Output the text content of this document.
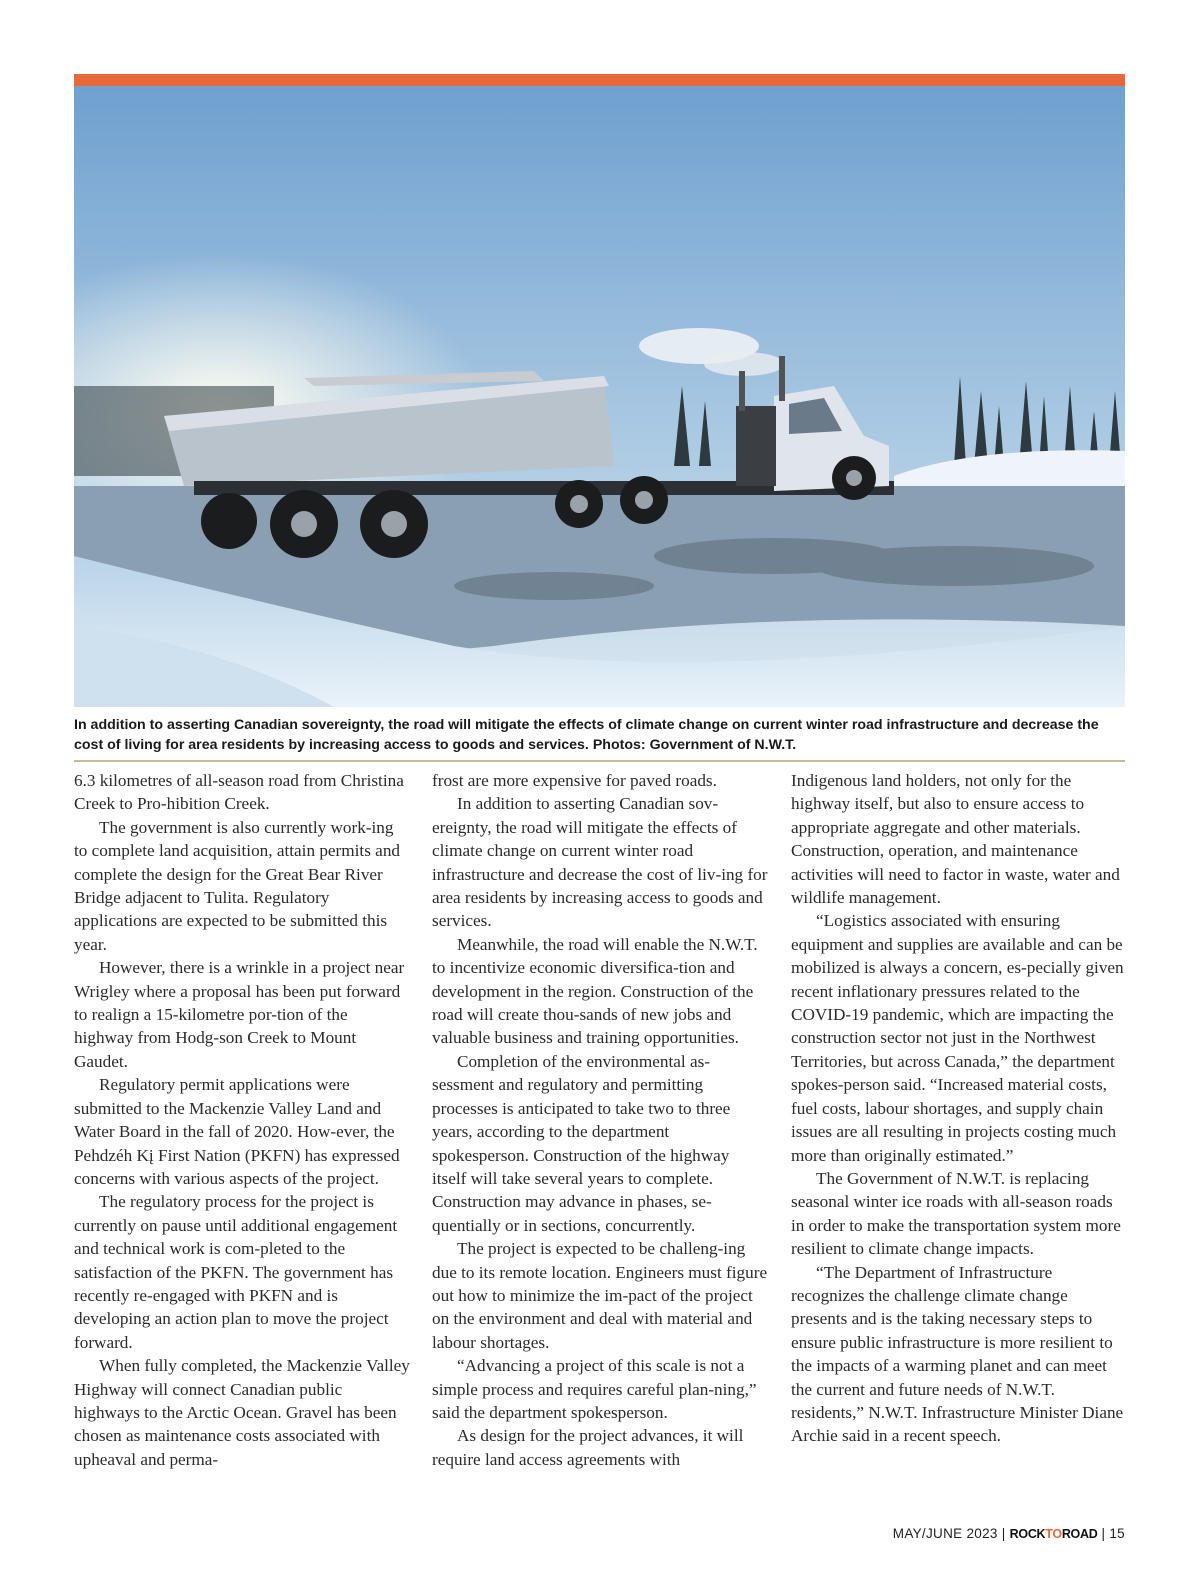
In addition to asserting Canadian sovereignty, the road will mitigate the effects of climate change on current winter road infrastructure and decrease the cost of living for area residents by increasing access to goods and services. Photos: Government of N.W.T.

6.3 kilometres of all-season road from Christina Creek to Pro-hibition Creek.

The government is also currently work-ing to complete land acquisition, attain permits and complete the design for the Great Bear River Bridge adjacent to Tulita. Regulatory applications are expected to be submitted this year.

However, there is a wrinkle in a project near Wrigley where a proposal has been put forward to realign a 15-kilometre por-tion of the highway from Hodg-son Creek to Mount Gaudet.

Regulatory permit applications were submitted to the Mackenzie Valley Land and Water Board in the fall of 2020. How-ever, the Pehdzéh Kį First Nation (PKFN) has expressed concerns with various aspects of the project.

The regulatory process for the project is currently on pause until additional engagement and technical work is com-pleted to the satisfaction of the PKFN. The government has recently re-engaged with PKFN and is developing an action plan to move the project forward.

When fully completed, the Mackenzie Valley Highway will connect Canadian public highways to the Arctic Ocean. Gravel has been chosen as maintenance costs associated with upheaval and perma-

frost are more expensive for paved roads.

In addition to asserting Canadian sov-ereignty, the road will mitigate the effects of climate change on current winter road infrastructure and decrease the cost of liv-ing for area residents by increasing access to goods and services.

Meanwhile, the road will enable the N.W.T. to incentivize economic diversifica-tion and development in the region. Construction of the road will create thou-sands of new jobs and valuable business and training opportunities.

Completion of the environmental as-sessment and regulatory and permitting processes is anticipated to take two to three years, according to the department spokesperson. Construction of the highway itself will take several years to complete. Construction may advance in phases, se-quentially or in sections, concurrently.

The project is expected to be challeng-ing due to its remote location. Engineers must figure out how to minimize the im-pact of the project on the environment and deal with material and labour shortages.

“Advancing a project of this scale is not a simple process and requires careful plan-ning,” said the department spokesperson.

As design for the project advances, it will require land access agreements with

Indigenous land holders, not only for the highway itself, but also to ensure access to appropriate aggregate and other materials. Construction, operation, and maintenance activities will need to factor in waste, water and wildlife management.

“Logistics associated with ensuring equipment and supplies are available and can be mobilized is always a concern, es-pecially given recent inflationary pressures related to the COVID-19 pandemic, which are impacting the construction sector not just in the Northwest Territories, but across Canada,” the department spokes-person said. “Increased material costs, fuel costs, labour shortages, and supply chain issues are all resulting in projects costing much more than originally estimated.”

The Government of N.W.T. is replacing seasonal winter ice roads with all-season roads in order to make the transportation system more resilient to climate change impacts.

“The Department of Infrastructure recognizes the challenge climate change presents and is the taking necessary steps to ensure public infrastructure is more resilient to the impacts of a warming planet and can meet the current and future needs of N.W.T. residents,” N.W.T. Infrastructure Minister Diane Archie said in a recent speech.

MAY/JUNE 2023 | ROCKTOROAD | 15
